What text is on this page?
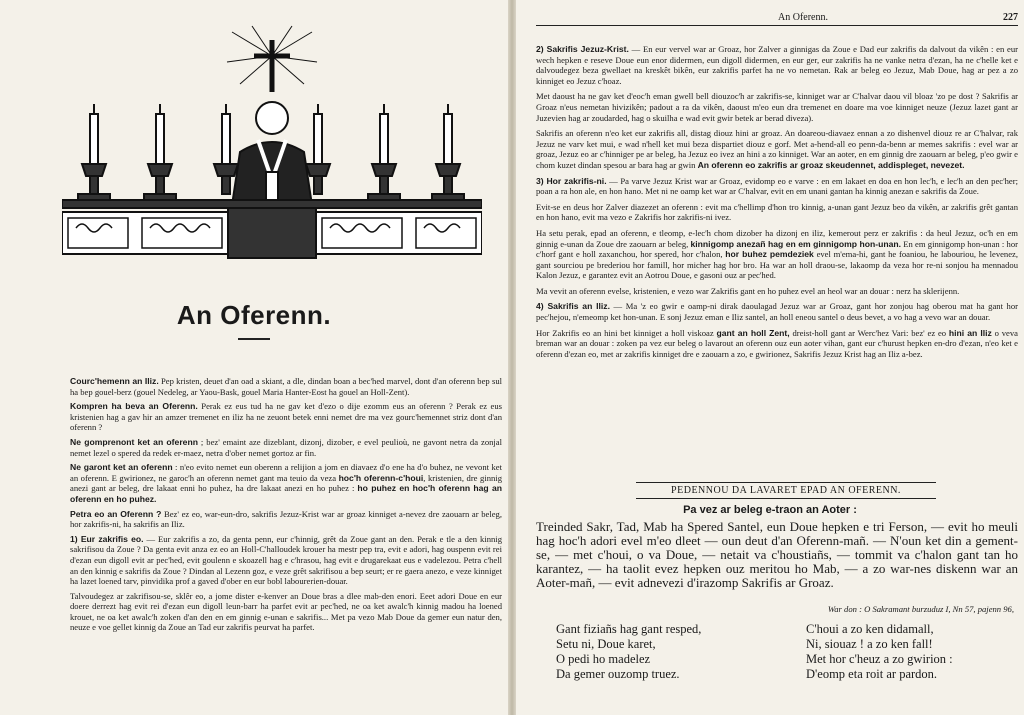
An Oferenn.

Courc'hemenn an Iliz. Pep kristen, deuet d'an oad a skiant, a dle, dindan boan a bec'hed marvel, dont d'an oferenn bep sul ha bep gouel-berz (gouel Nedeleg, ar Yaou-Bask, gouel Maria Hanter-Eost ha gouel an Holl-Zent).

Kompren ha beva an Oferenn. Perak ez eus tud ha ne gav ket d'ezo o dije ezomm eus an oferenn ? Perak ez eus kristenien hag a gav hir an amzer tremenet en iliz ha ne zeuont betek enni nemet dre ma vez gourc'hemennet striz dont d'an oferenn ?

Ne gomprenont ket an oferenn ; bez' emaint aze dizeblant, dizonj, dizober, e evel peulioù, ne gavont netra da zonjal nemet lezel o spered da redek er-maez, netra d'ober nemet gortoz ar fin.

Ne garont ket an oferenn : n'eo evito nemet eun oberenn a relijion a jom en diavaez d'o ene ha d'o buhez, ne vevont ket an oferenn. E gwirionez, ne garoc'h an oferenn nemet gant ma teuio da veza hoc'h oferenn-c'houi, kristenien, dre ginnig anezi gant ar beleg, dre lakaat enni ho puhez, ha dre lakaat anezi en ho puhez : ho puhez en hoc'h oferenn hag an oferenn en ho puhez.

Petra eo an Oferenn ? Bez' ez eo, war-eun-dro, sakrifis Jezuz-Krist war ar groaz kinniget a-nevez dre zaouarn ar beleg, hor zakrifis-ni, ha sakrifis an Iliz.

1) Eur zakrifis eo. — Eur zakrifis a zo, da genta penn, eur c'hinnig, grêt da Zoue gant an den. Perak e tle a den kinnig sakrifisou da Zoue ? Da genta evit anza ez eo an Holl-C'halloudek krouer ha mestr pep tra, evit e adori, hag ouspenn evit rei d'ezan eun digoll evit ar pec'hed, evit goulenn e skoazell hag e c'hrasou, hag evit e drugarekaat eus e vadelezou. Petra c'hell an den kinnig e sakrifis da Zoue ? Dindan al Lezenn goz, e veze grêt sakrifisou a bep seurt; er re gaera anezo, e veze kinniget ha lazet loened tarv, pinvidika prof a gaved d'ober en eur bobl labourerien-douar.

Talvoudegez ar zakrifisou-se, sklêr eo, a jome dister e-kenver an Doue bras a dlee mab-den enori. Eeet adori Doue en eur doere derrezt hag evit rei d'ezan eun digoll leun-barr ha parfet evit ar pec'hed, ne oa ket awalc'h kinnig madou ha loened krouet, ne oa ket awalc'h zoken d'an den en em ginnig e-unan e sakrifis... Met pa vezo Mab Doue da gemer eun natur den, neuze e voe gellet kinnig da Zoue an Tad eur zakrifis peurvat ha parfet.

An Oferenn.	227

2) Sakrifis Jezuz-Krist. — En eur vervel war ar Groaz, hor Zalver a ginnigas da Zoue e Dad eur zakrifis da dalvout da vikên : en eur wech hepken e reseve Doue eun enor didermen, eun digoll didermen, en eur ger, eur zakrifis ha ne vanke netra d'ezan, ha ne c'helle ket e dalvoudegez beza gwellaet na kreskêt bikên, eur zakrifis parfet ha ne vo nemetan. Rak ar beleg eo Jezuz, Mab Doue, hag ar pez a zo kinniget eo Jezuz c'hoaz.

Met daoust ha ne gav ket d'eoc'h eman gwell bell diouzoc'h ar zakrifis-se, kinniget war ar C'halvar daou vil bloaz 'zo pe dost ? Sakrifis ar Groaz n'eus nemetan hivizikên; padout a ra da vikên, daoust m'eo eun dra tremenet en doare ma voe kinniget neuze (Jezuz lazet gant ar Juzevien hag ar zoudarded, hag o skuilha e wad evit gwir betek ar berad diveza).

Sakrifis an oferenn n'eo ket eur zakrifis all, distag diouz hini ar groaz. An doareou-diavaez ennan a zo dishenvel diouz re ar C'halvar, rak Jezuz ne varv ket mui, e wad n'hell ket mui beza dispartiet diouz e gorf. Met a-hend-all eo penn-da-benn ar memes sakrifis : evel war ar groaz, Jezuz eo ar c'hinniger pe ar beleg, ha Jezuz eo ivez an hini a zo kinniget. War an aoter, en em ginnig dre zaouarn ar beleg, p'eo gwir e chom kuzet dindan spesou ar bara hag ar gwin An oferenn eo zakrifis ar groaz skeudennet, addispleget, nevezet.

3) Hor zakrifis-ni. — Pa varve Jezuz Krist war ar Groaz, evidomp eo e varve : en em lakaet en doa en hon lec'h, e lec'h an den pec'her; poan a ra hon ale, en hon hano. Met ni ne oamp ket war ar C'halvar, evit en em unani gantan ha kinnig anezan e sakrifis da Zoue.

Evit-se en deus hor Zalver diazezet an oferenn : evit ma c'hellimp d'hon tro kinnig, a-unan gant Jezuz beo da vikên, ar zakrifis grêt gantan en hon hano, evit ma vezo e Zakrifis hor zakrifis-ni ivez.

Ha setu perak, epad an oferenn, e tleomp, e-lec'h chom dizober ha dizonj en iliz, kemerout perz er zakrifis : da heul Jezuz, oc'h en em ginnig e-unan da Zoue dre zaouarn ar beleg, kinnigomp anezañ hag en em ginnigomp hon-unan. En em ginnigomp hon-unan : hor c'horf gant e holl zaxanchou, hor spered, hor c'halon, hor buhez pemdeziek evel m'ema-hi, gant he foaniou, he labouriou, he levenez, gant sourciou pe brederiou hor famill, hor micher hag hor bro. Ha war an holl draou-se, lakaomp da veza hor re-ni sonjou ha mennadou Kalon Jezuz, e garantez evit an Aotrou Doue, e gasoni ouz ar pec'hed.

Ma vevit an oferenn evelse, kristenien, e vezo war Zakrifis gant en ho puhez evel an heol war an douar : nerz ha sklerijenn.

4) Sakrifis an Iliz. — Ma 'z eo gwir e oamp-ni dirak daoulagad Jezuz war ar Groaz, gant hor zonjou hag oberou mat ha gant hor pec'hejou, n'emeomp ket hon-unan. E sonj Jezuz eman e Iliz santel, an holl eneou santel o deus bevet, a vo hag a vevo war an douar.

Hor Zakrifis eo an hini bet kinniget a holl viskoaz gant an holl Zent, dreist-holl gant ar Werc'hez Vari: bez' ez eo hini an Iliz o veva breman war an douar : zoken pa vez eur beleg o lavarout an oferenn ouz eun aoter vihan, gant eur c'hurust hepken en-dro d'ezan, n'eo ket e oferenn d'ezan eo, met ar zakrifis kinniget dre e zaouarn a zo, e gwirionez, Sakrifis Jezuz Krist hag an Iliz a-bez.

PEDENNOU DA LAVARET EPAD AN OFERENN.
Pa vez ar beleg e-traon an Aoter :
Treinded Sakr, Tad, Mab ha Spered Santel, eun Doue hepken e tri Ferson, — evit ho meuli hag hoc'h adori evel m'eo dleet — oun deut d'an Oferenn-mañ. — N'oun ket din a gement-se, — met c'houi, o va Doue, — netait va c'houstiañs, — tommit va c'halon gant tan ho karantez, — ha taolit evez hepken ouz meritou ho Mab, — a zo war-nes diskenn war an Aoter-mañ, — evit adnevezi d'irazomp Sakrifis ar Groaz.
War don : O Sakramant burzuduz I, Nn 57, pajenn 96,
Gant fiziañs hag gant resped,
Setu ni, Doue karet,
O pedi ho madelez
Da gemer ouzomp truez.
C'houi a zo ken didamall,
Ni, siouaz ! a zo ken fall!
Met hor c'heuz a zo gwirion :
D'eomp eta roit ar pardon.
